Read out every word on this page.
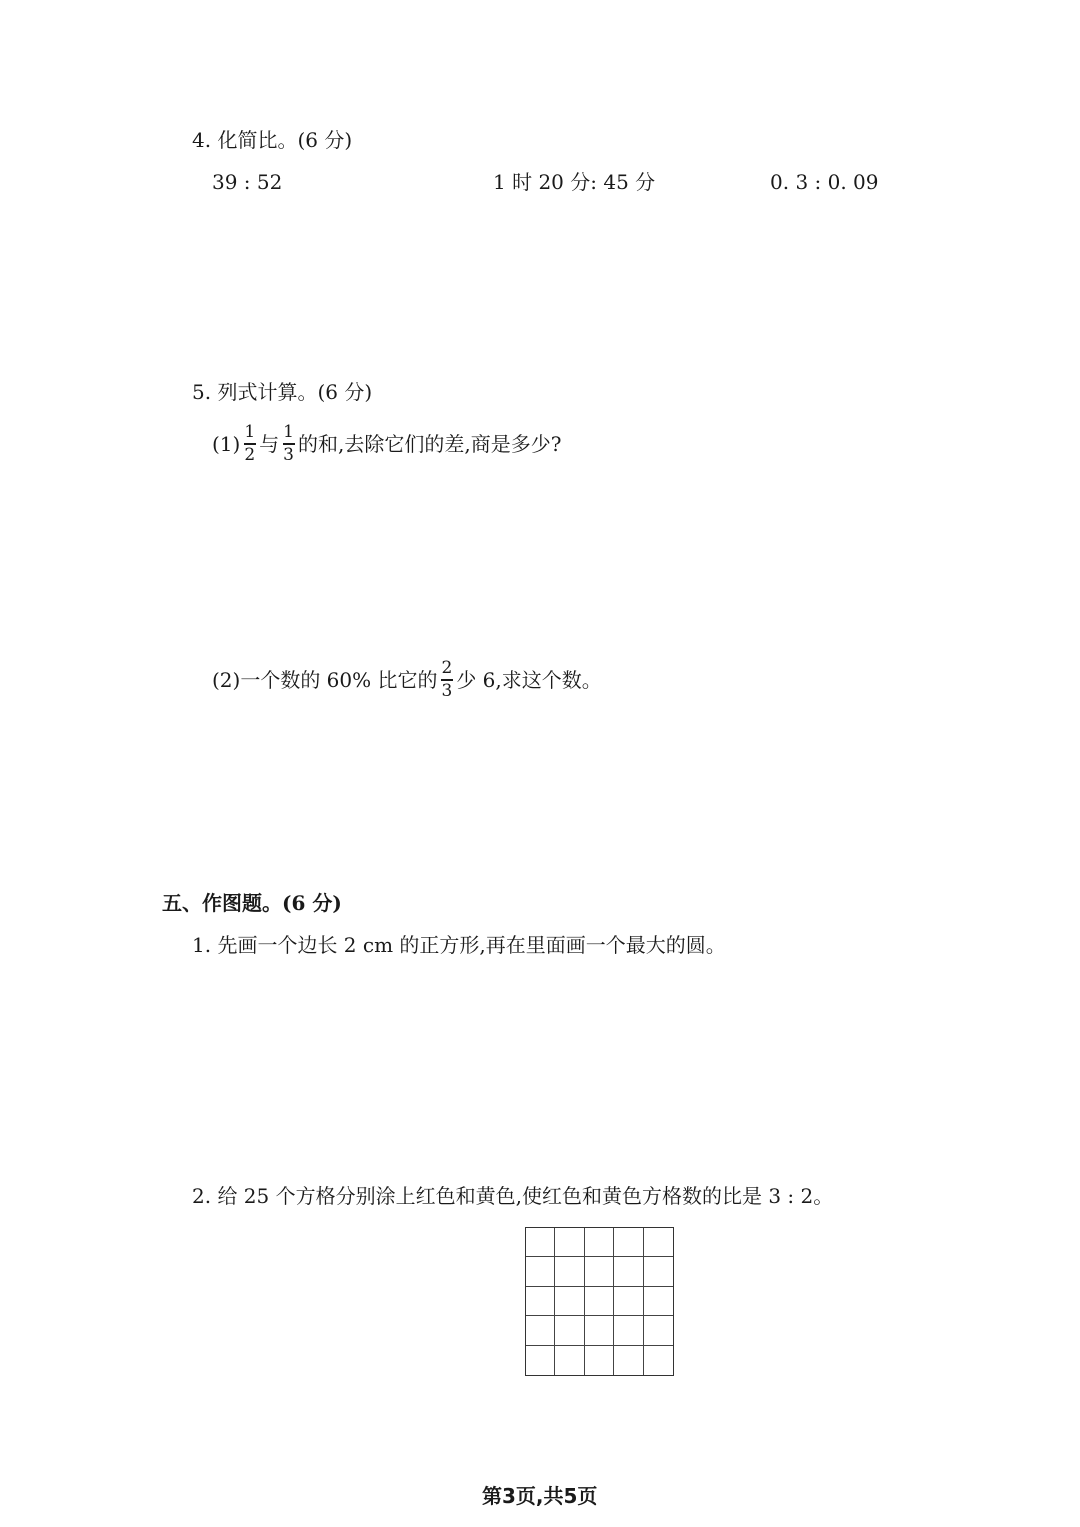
4. 化简比。(6 分)
39 : 52	1 时 20 分: 45 分	0. 3 : 0. 09
5. 列式计算。(6 分)
$(1) \frac{1}{2}$ 与 $\frac{1}{3}$ 的和,去除它们的差,商是多少?
(2)一个数的 60% 比它的 $\frac{2}{3}$ 少 6,求这个数。
五、作图题。(6 分)
1. 先画一个边长 2 cm 的正方形,再在里面画一个最大的圆。
2. 给 25 个方格分别涂上红色和黄色,使红色和黄色方格数的比是 3 : 2。
第3页,共5页
